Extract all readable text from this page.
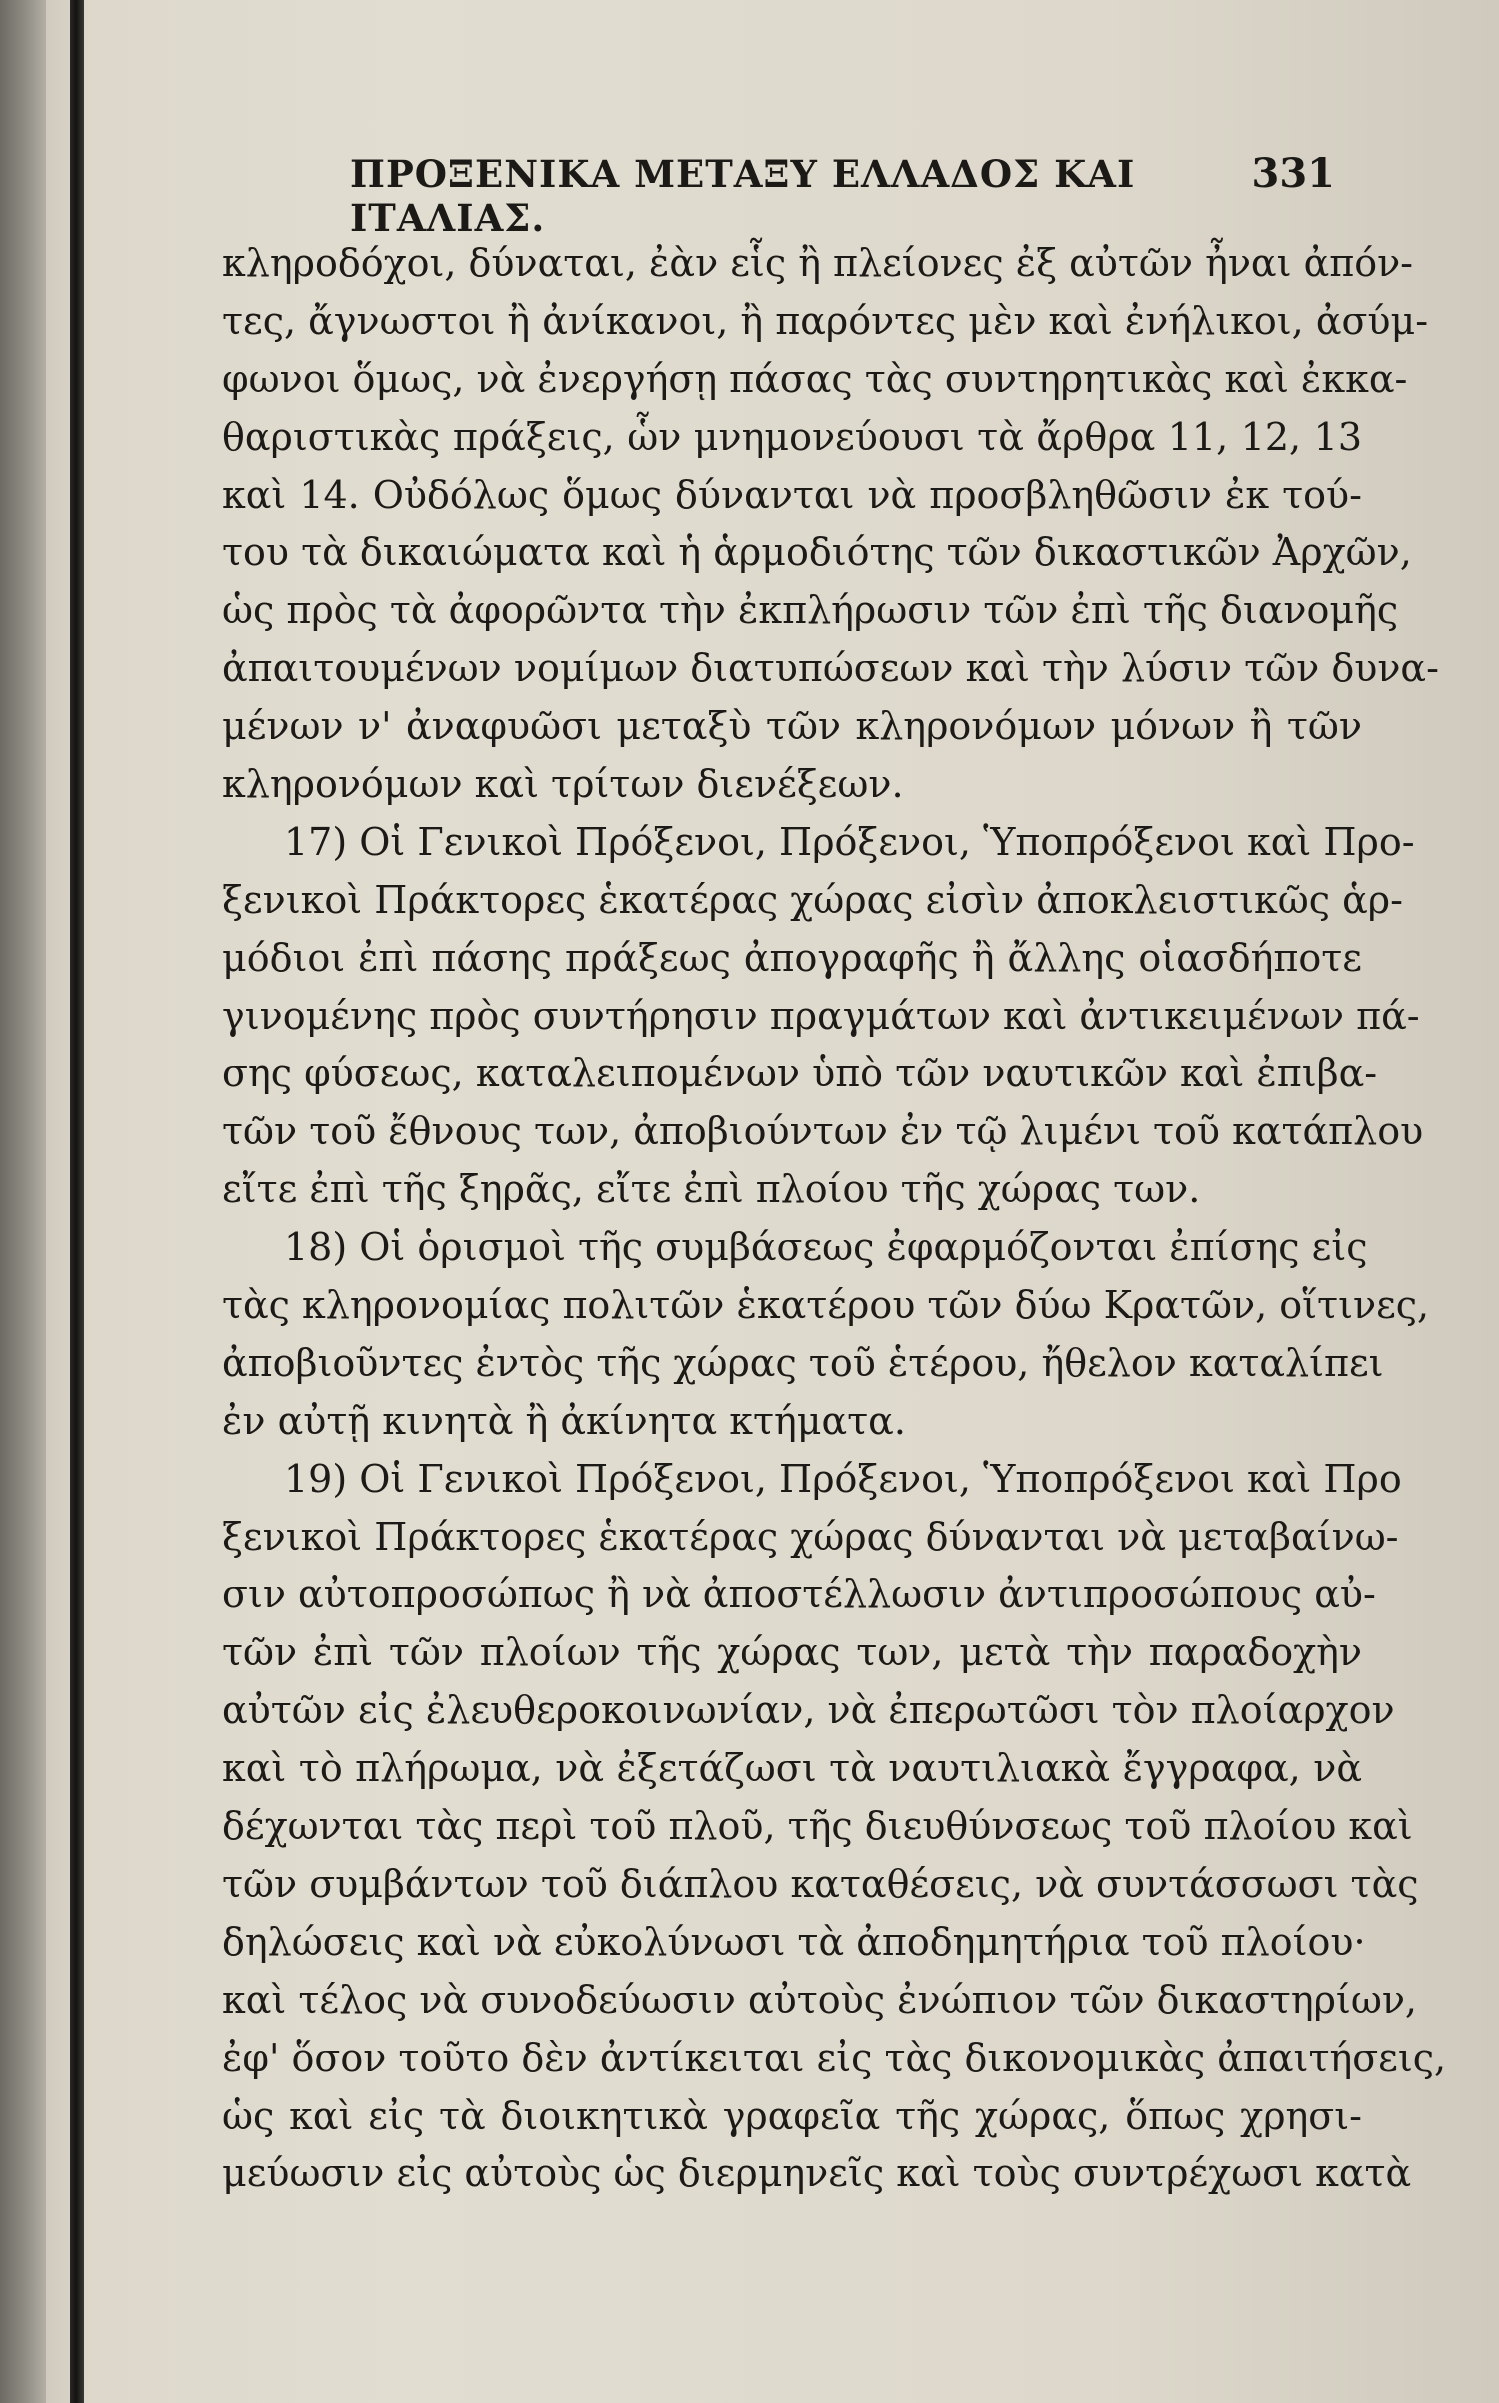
ΠΡΟΞΕΝΙΚΑ ΜΕΤΑΞΥ ΕΛΛΑΔΟΣ ΚΑΙ ΙΤΑΛΙΑΣ.
331
κληροδόχοι, δύναται, ἐὰν εἷς ἢ πλείονες ἐξ αὐτῶν ἦναι ἀπόν-
τες, ἄγνωστοι ἢ ἀνίκανοι, ἢ παρόντες μὲν καὶ ἐνήλικοι, ἀσύμ-
φωνοι ὅμως, νὰ ἐνεργήσῃ πάσας τὰς συντηρητικὰς καὶ ἐκκα-
θαριστικὰς πράξεις, ὧν μνημονεύουσι τὰ ἄρθρα 11, 12, 13
καὶ 14. Οὐδόλως ὅμως δύνανται νὰ προσβληθῶσιν ἐκ τού-
του τὰ δικαιώματα καὶ ἡ ἁρμοδιότης τῶν δικαστικῶν Ἀρχῶν,
ὡς πρὸς τὰ ἀφορῶντα τὴν ἐκπλήρωσιν τῶν ἐπὶ τῆς διανομῆς
ἀπαιτουμένων νομίμων διατυπώσεων καὶ τὴν λύσιν τῶν δυνα-
μένων ν' ἀναφυῶσι μεταξὺ τῶν κληρονόμων μόνων ἢ τῶν
κληρονόμων καὶ τρίτων διενέξεων.
17) Οἱ Γενικοὶ Πρόξενοι, Πρόξενοι, Ὑποπρόξενοι καὶ Προ-
ξενικοὶ Πράκτορες ἑκατέρας χώρας εἰσὶν ἀποκλειστικῶς ἁρ-
μόδιοι ἐπὶ πάσης πράξεως ἀπογραφῆς ἢ ἄλλης οἱασδήποτε
γινομένης πρὸς συντήρησιν πραγμάτων καὶ ἀντικειμένων πά-
σης φύσεως, καταλειπομένων ὑπὸ τῶν ναυτικῶν καὶ ἐπιβα-
τῶν τοῦ ἔθνους των, ἀποβιούντων ἐν τῷ λιμένι τοῦ κατάπλου
εἴτε ἐπὶ τῆς ξηρᾶς, εἴτε ἐπὶ πλοίου τῆς χώρας των.
18) Οἱ ὁρισμοὶ τῆς συμβάσεως ἐφαρμόζονται ἐπίσης εἰς
τὰς κληρονομίας πολιτῶν ἑκατέρου τῶν δύω Κρατῶν, οἵτινες,
ἀποβιοῦντες ἐντὸς τῆς χώρας τοῦ ἑτέρου, ἤθελον καταλίπει
ἐν αὐτῇ κινητὰ ἢ ἀκίνητα κτήματα.
19) Οἱ Γενικοὶ Πρόξενοι, Πρόξενοι, Ὑποπρόξενοι καὶ Προ
ξενικοὶ Πράκτορες ἑκατέρας χώρας δύνανται νὰ μεταβαίνω-
σιν αὐτοπροσώπως ἢ νὰ ἀποστέλλωσιν ἀντιπροσώπους αὐ-
τῶν ἐπὶ τῶν πλοίων τῆς χώρας των, μετὰ τὴν παραδοχὴν
αὐτῶν εἰς ἐλευθεροκοινωνίαν, νὰ ἐπερωτῶσι τὸν πλοίαρχον
καὶ τὸ πλήρωμα, νὰ ἐξετάζωσι τὰ ναυτιλιακὰ ἔγγραφα, νὰ
δέχωνται τὰς περὶ τοῦ πλοῦ, τῆς διευθύνσεως τοῦ πλοίου καὶ
τῶν συμβάντων τοῦ διάπλου καταθέσεις, νὰ συντάσσωσι τὰς
δηλώσεις καὶ νὰ εὐκολύνωσι τὰ ἀποδημητήρια τοῦ πλοίου·
καὶ τέλος νὰ συνοδεύωσιν αὐτοὺς ἐνώπιον τῶν δικαστηρίων,
ἐφ' ὅσον τοῦτο δὲν ἀντίκειται εἰς τὰς δικονομικὰς ἀπαιτήσεις,
ὡς καὶ εἰς τὰ διοικητικὰ γραφεῖα τῆς χώρας, ὅπως χρησι-
μεύωσιν εἰς αὐτοὺς ὡς διερμηνεῖς καὶ τοὺς συντρέχωσι κατὰ
